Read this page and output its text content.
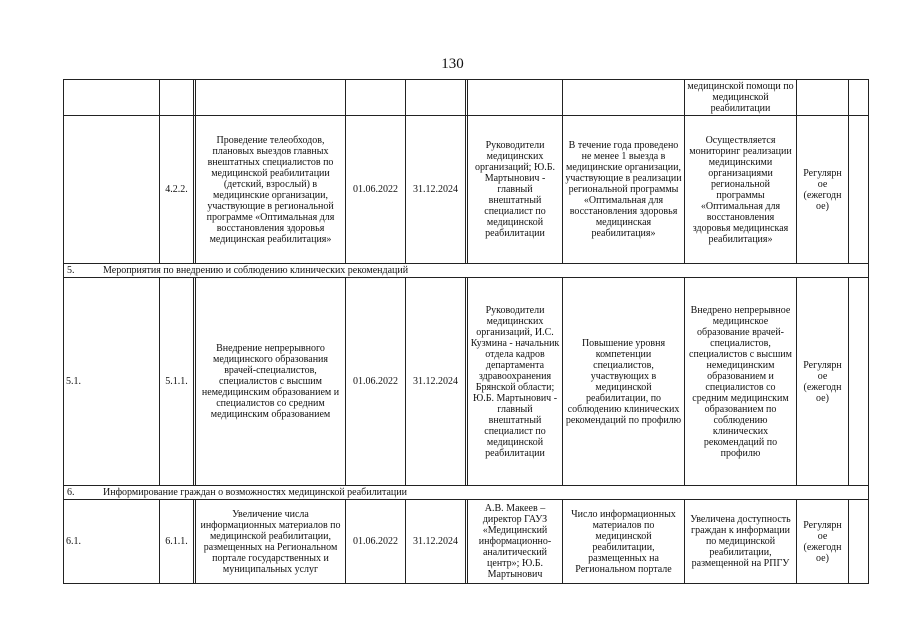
130
									медицинской помощи по медицинской реабилитации		
	4.2.2.		Проведение телеобходов, плановых выездов главных внештатных специалистов по медицинской реабилитации (детский, взрослый) в медицинские организации, участвующие в региональной программе «Оптимальная для восстановления здоровья медицинская реабилитация»	01.06.2022	31.12.2024		Руководители медицинских организаций; Ю.Б. Мартынович - главный внештатный специалист по медицинской реабилитации	В течение года проведено не менее 1 выезда в медицинские организации, участвующие в реализации региональной программы «Оптимальная для восстановления здоровья медицинская реабилитация»	Осуществляется мониторинг реализации медицинскими организациями региональной программы «Оптимальная для восстановления здоровья медицинская реабилитация»	Регулярн ое (ежегодн ое)	
5. Мероприятия по внедрению и соблюдению клинических рекомендаций											
5.1.	5.1.1.		Внедрение непрерывного медицинского образования врачей-специалистов, специалистов с высшим немедицинским образованием и специалистов со средним медицинским образованием	01.06.2022	31.12.2024		Руководители медицинских организаций, И.С. Кузмина - начальник отдела кадров департамента здравоохранения Брянской области; Ю.Б. Мартынович - главный внештатный специалист по медицинской реабилитации	Повышение уровня компетенции специалистов, участвующих в медицинской реабилитации, по соблюдению клинических рекомендаций по профилю	Внедрено непрерывное медицинское образование врачей-специалистов, специалистов с высшим немедицинским образованием и специалистов со средним медицинским образованием по соблюдению клинических рекомендаций по профилю	Регулярн ое (ежегодн ое)	
6. Информирование граждан о возможностях медицинской реабилитации											
6.1.	6.1.1.		Увеличение числа информационных материалов по медицинской реабилитации, размещенных на Региональном портале государственных и муниципальных услуг	01.06.2022	31.12.2024		А.В. Макеев – директор ГАУЗ «Медицинский информационно-аналитический центр»; Ю.Б. Мартынович	Число информационных материалов по медицинской реабилитации, размещенных на Региональном портале	Увеличена доступность граждан к информации по медицинской реабилитации, размещенной на РПГУ	Регулярн ое (ежегодн ое)	
